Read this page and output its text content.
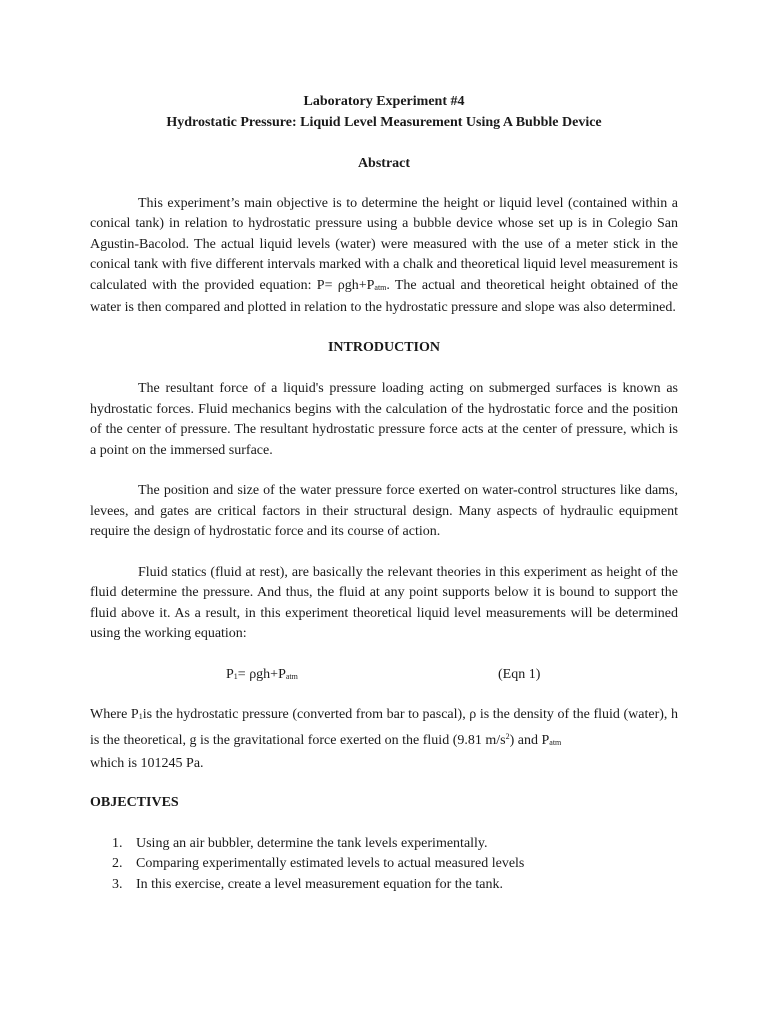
Laboratory Experiment #4
Hydrostatic Pressure: Liquid Level Measurement Using A Bubble Device
Abstract

This experiment’s main objective is to determine the height or liquid level (contained within a conical tank) in relation to hydrostatic pressure using a bubble device whose set up is in Colegio San Agustin-Bacolod. The actual liquid levels (water) were measured with the use of a meter stick in the conical tank with five different intervals marked with a chalk and theoretical liquid level measurement is calculated with the provided equation: P= ρgh+Patm. The actual and theoretical height obtained of the water is then compared and plotted in relation to the hydrostatic pressure and slope was also determined.

INTRODUCTION

The resultant force of a liquid's pressure loading acting on submerged surfaces is known as hydrostatic forces. Fluid mechanics begins with the calculation of the hydrostatic force and the position of the center of pressure. The resultant hydrostatic pressure force acts at the center of pressure, which is a point on the immersed surface.

The position and size of the water pressure force exerted on water-control structures like dams, levees, and gates are critical factors in their structural design. Many aspects of hydraulic equipment require the design of hydrostatic force and its course of action.

Fluid statics (fluid at rest), are basically the relevant theories in this experiment as height of the fluid determine the pressure. And thus, the fluid at any point supports below it is bound to support the fluid above it. As a result, in this experiment theoretical liquid level measurements will be determined using the working equation:

P1= ρgh+Patm	(Eqn 1)

Where P1is the hydrostatic pressure (converted from bar to pascal), ρ is the density of the fluid (water), h is the theoretical, g is the gravitational force exerted on the fluid (9.81 $m/s^2$) and Patm
which is 101245 Pa.

OBJECTIVES
1. Using an air bubbler, determine the tank levels experimentally.
2. Comparing experimentally estimated levels to actual measured levels
3. In this exercise, create a level measurement equation for the tank.
